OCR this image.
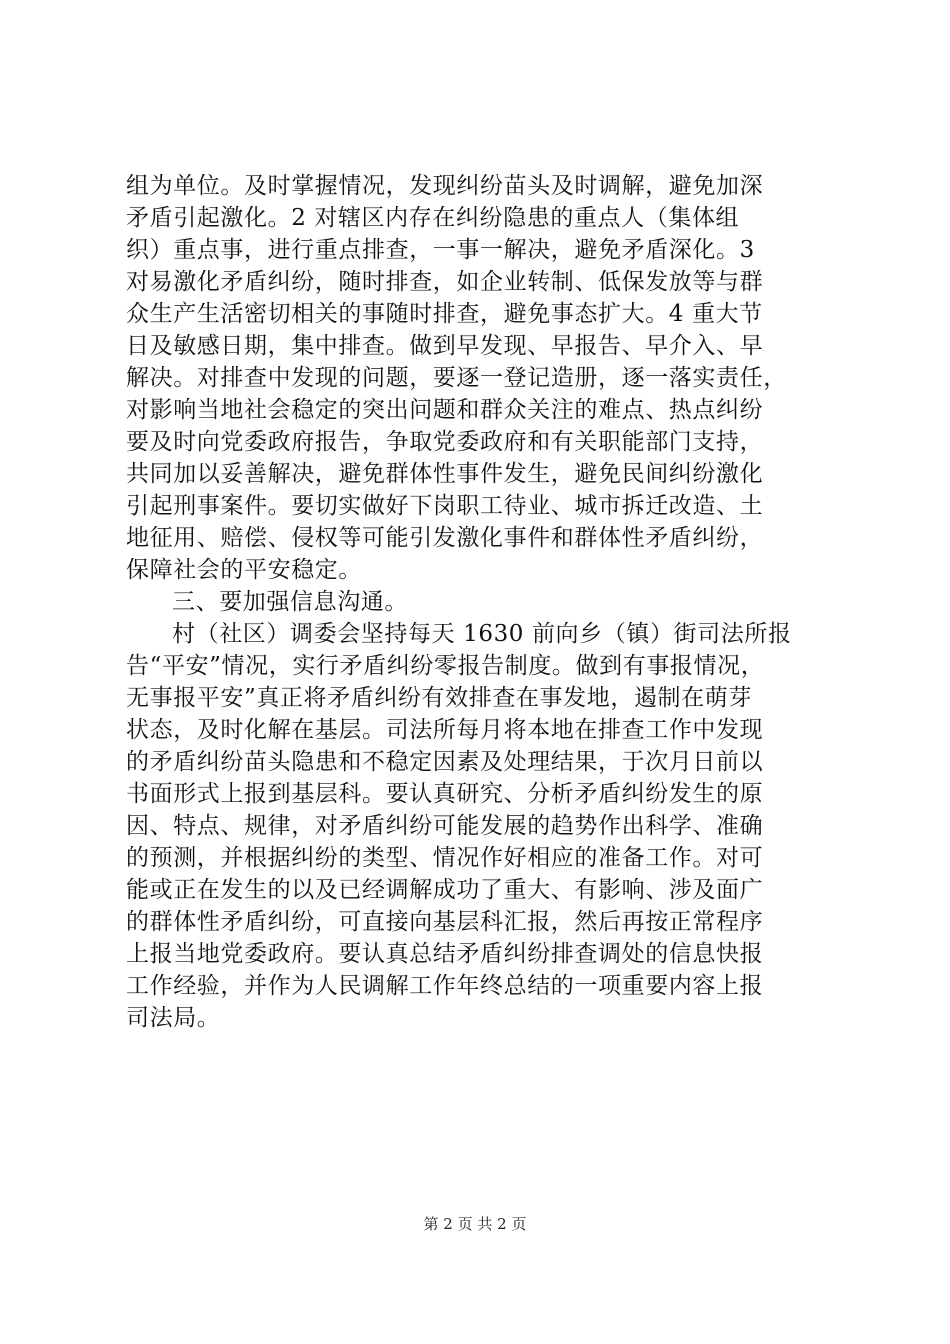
组为单位。及时掌握情况，发现纠纷苗头及时调解，避免加深
矛盾引起激化。2 对辖区内存在纠纷隐患的重点人（集体组
织）重点事，进行重点排查，一事一解决，避免矛盾深化。3
对易激化矛盾纠纷，随时排查，如企业转制、低保发放等与群
众生产生活密切相关的事随时排查，避免事态扩大。4 重大节
日及敏感日期，集中排查。做到早发现、早报告、早介入、早
解决。对排查中发现的问题，要逐一登记造册，逐一落实责任，
对影响当地社会稳定的突出问题和群众关注的难点、热点纠纷
要及时向党委政府报告，争取党委政府和有关职能部门支持，
共同加以妥善解决，避免群体性事件发生，避免民间纠纷激化
引起刑事案件。要切实做好下岗职工待业、城市拆迁改造、土
地征用、赔偿、侵权等可能引发激化事件和群体性矛盾纠纷，
保障社会的平安稳定。
三、要加强信息沟通。
村（社区）调委会坚持每天 1630 前向乡（镇）街司法所报
告“平安”情况，实行矛盾纠纷零报告制度。做到有事报情况，
无事报平安”真正将矛盾纠纷有效排查在事发地，遏制在萌芽
状态，及时化解在基层。司法所每月将本地在排查工作中发现
的矛盾纠纷苗头隐患和不稳定因素及处理结果，于次月日前以
书面形式上报到基层科。要认真研究、分析矛盾纠纷发生的原
因、特点、规律，对矛盾纠纷可能发展的趋势作出科学、准确
的预测，并根据纠纷的类型、情况作好相应的准备工作。对可
能或正在发生的以及已经调解成功了重大、有影响、涉及面广
的群体性矛盾纠纷，可直接向基层科汇报，然后再按正常程序
上报当地党委政府。要认真总结矛盾纠纷排查调处的信息快报
工作经验，并作为人民调解工作年终总结的一项重要内容上报
司法局。
第 2 页 共 2 页
